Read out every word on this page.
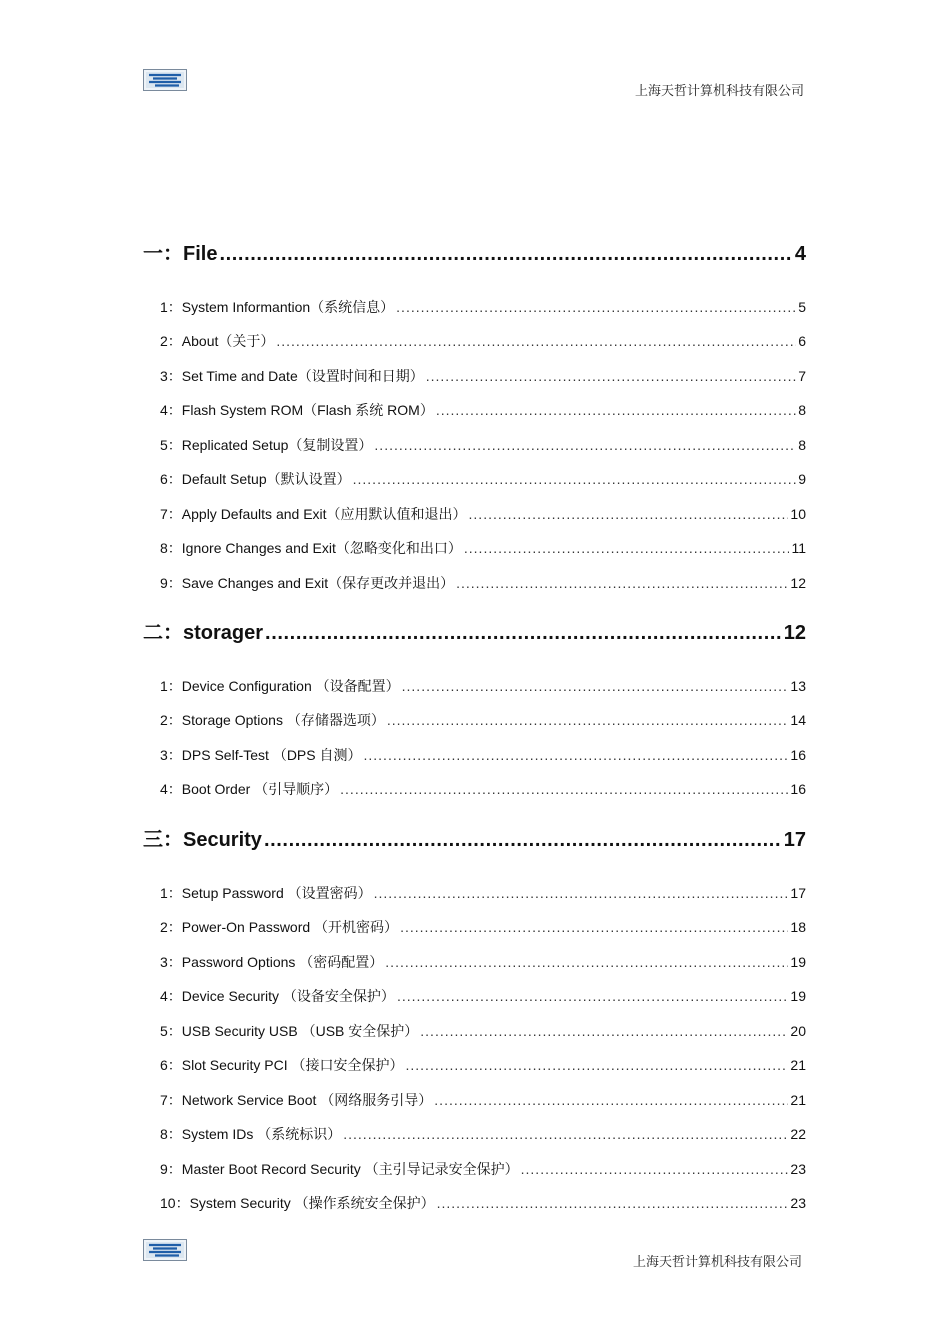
上海天哲计算机科技有限公司
一：File .....	4
1：System Informantion（系统信息） .....	5
2：About（关于） .....	6
3：Set Time and Date（设置时间和日期） .....	7
4：Flash System ROM（Flash 系统 ROM） .....	8
5：Replicated Setup（复制设置） .....	8
6：Default Setup（默认设置） .....	9
7：Apply Defaults and Exit（应用默认值和退出） .....	10
8：Ignore Changes and Exit（忽略变化和出口） .....	11
9：Save Changes and Exit（保存更改并退出） .....	12
二：storager .....	12
1：Device Configuration （设备配置） .....	13
2：Storage Options （存储器选项） .....	14
3：DPS Self-Test （DPS 自测） .....	16
4：Boot Order （引导顺序） .....	16
三：Security .....	17
1：Setup Password （设置密码） .....	17
2：Power-On Password （开机密码） .....	18
3：Password Options （密码配置） .....	19
4：Device Security （设备安全保护） .....	19
5：USB Security USB （USB 安全保护） .....	20
6：Slot Security PCI （接口安全保护） .....	21
7：Network Service Boot （网络服务引导） .....	21
8：System IDs （系统标识） .....	22
9：Master Boot Record Security （主引导记录安全保护） .....	23
10：System Security （操作系统安全保护） .....	23
上海天哲计算机科技有限公司
